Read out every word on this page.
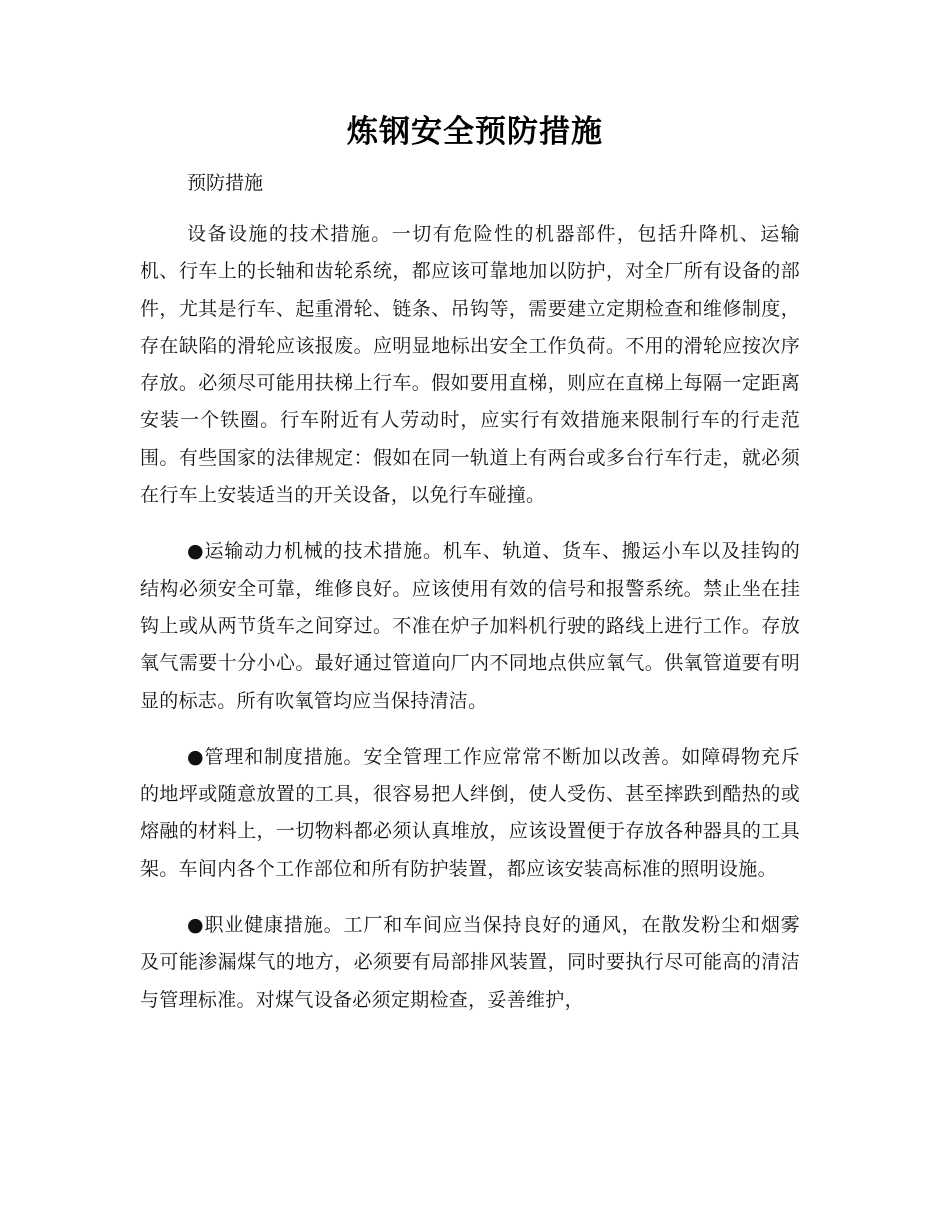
炼钢安全预防措施
预防措施

设备设施的技术措施。一切有危险性的机器部件，包括升降机、运输机、行车上的长轴和齿轮系统，都应该可靠地加以防护，对全厂所有设备的部件，尤其是行车、起重滑轮、链条、吊钩等，需要建立定期检查和维修制度，存在缺陷的滑轮应该报废。应明显地标出安全工作负荷。不用的滑轮应按次序存放。必须尽可能用扶梯上行车。假如要用直梯，则应在直梯上每隔一定距离安装一个铁圈。行车附近有人劳动时，应实行有效措施来限制行车的行走范围。有些国家的法律规定：假如在同一轨道上有两台或多台行车行走，就必须在行车上安装适当的开关设备，以免行车碰撞。

●运输动力机械的技术措施。机车、轨道、货车、搬运小车以及挂钩的结构必须安全可靠，维修良好。应该使用有效的信号和报警系统。禁止坐在挂钩上或从两节货车之间穿过。不准在炉子加料机行驶的路线上进行工作。存放氧气需要十分小心。最好通过管道向厂内不同地点供应氧气。供氧管道要有明显的标志。所有吹氧管均应当保持清洁。

●管理和制度措施。安全管理工作应常常不断加以改善。如障碍物充斥的地坪或随意放置的工具，很容易把人绊倒，使人受伤、甚至摔跌到酷热的或熔融的材料上，一切物料都必须认真堆放，应该设置便于存放各种器具的工具架。车间内各个工作部位和所有防护装置，都应该安装高标准的照明设施。

●职业健康措施。工厂和车间应当保持良好的通风，在散发粉尘和烟雾及可能渗漏煤气的地方，必须要有局部排风装置，同时要执行尽可能高的清洁与管理标准。对煤气设备必须定期检查，妥善维护，
